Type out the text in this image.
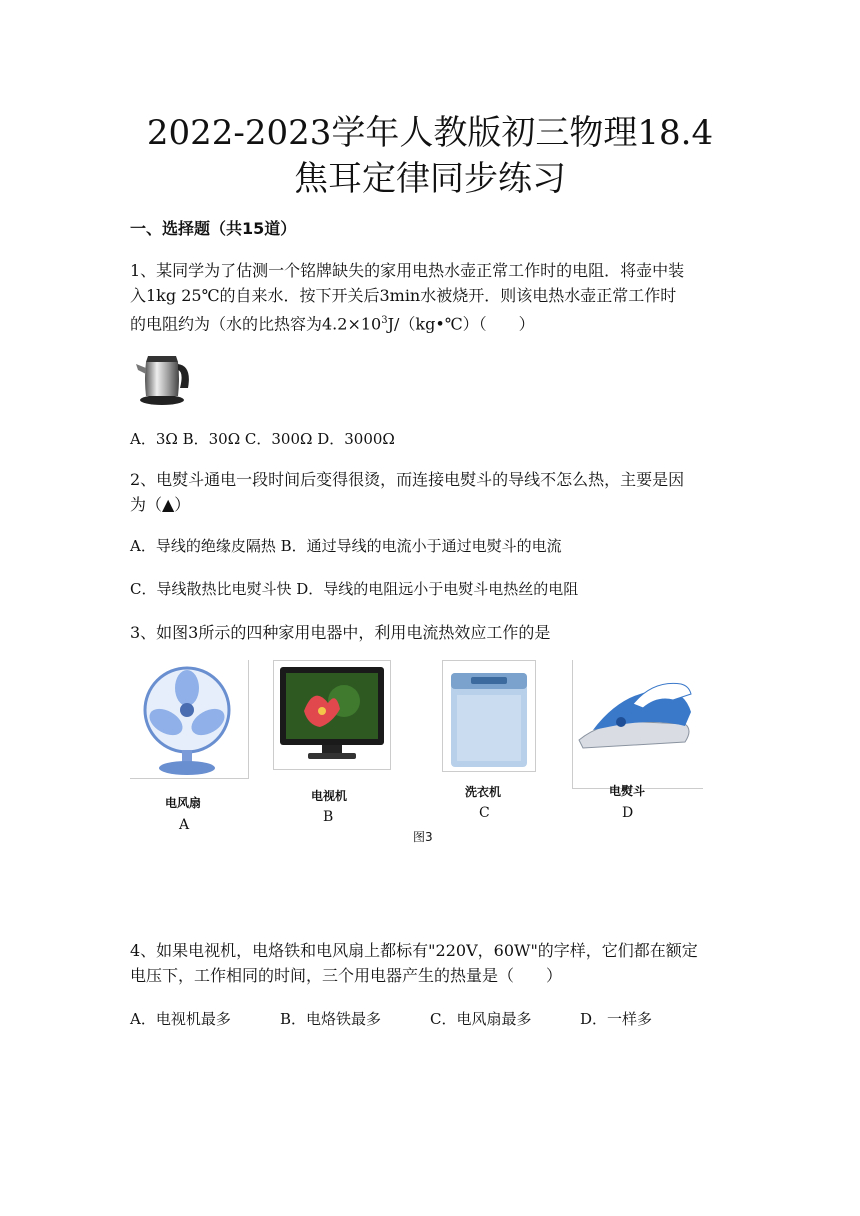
2022-2023学年人教版初三物理18.4
焦耳定律同步练习
一、选择题（共15道）
1、某同学为了估测一个铭牌缺失的家用电热水壶正常工作时的电阻．将壶中装
入1kg 25℃的自来水．按下开关后3min水被烧开．则该电热水壶正常工作时
的电阻约为（水的比热容为$4.2\times 10^3J/(kg•℃)$（　　）
A．3Ω B．30Ω C．300Ω D．3000Ω
2、电熨斗通电一段时间后变得很烫，而连接电熨斗的导线不怎么热，主要是因
为（▲）
A．导线的绝缘皮隔热 B．通过导线的电流小于通过电熨斗的电流
C．导线散热比电熨斗快 D．导线的电阻远小于电熨斗电热丝的电阻
3、如图3所示的四种家用电器中，利用电流热效应工作的是
电风扇	电视机	洗衣机	电熨斗
A	B	C	D
图3
4、如果电视机，电烙铁和电风扇上都标有"220V，60W"的字样，它们都在额定
电压下，工作相同的时间，三个用电器产生的热量是（　　）
A．电视机最多	B．电烙铁最多	C．电风扇最多	D．一样多
